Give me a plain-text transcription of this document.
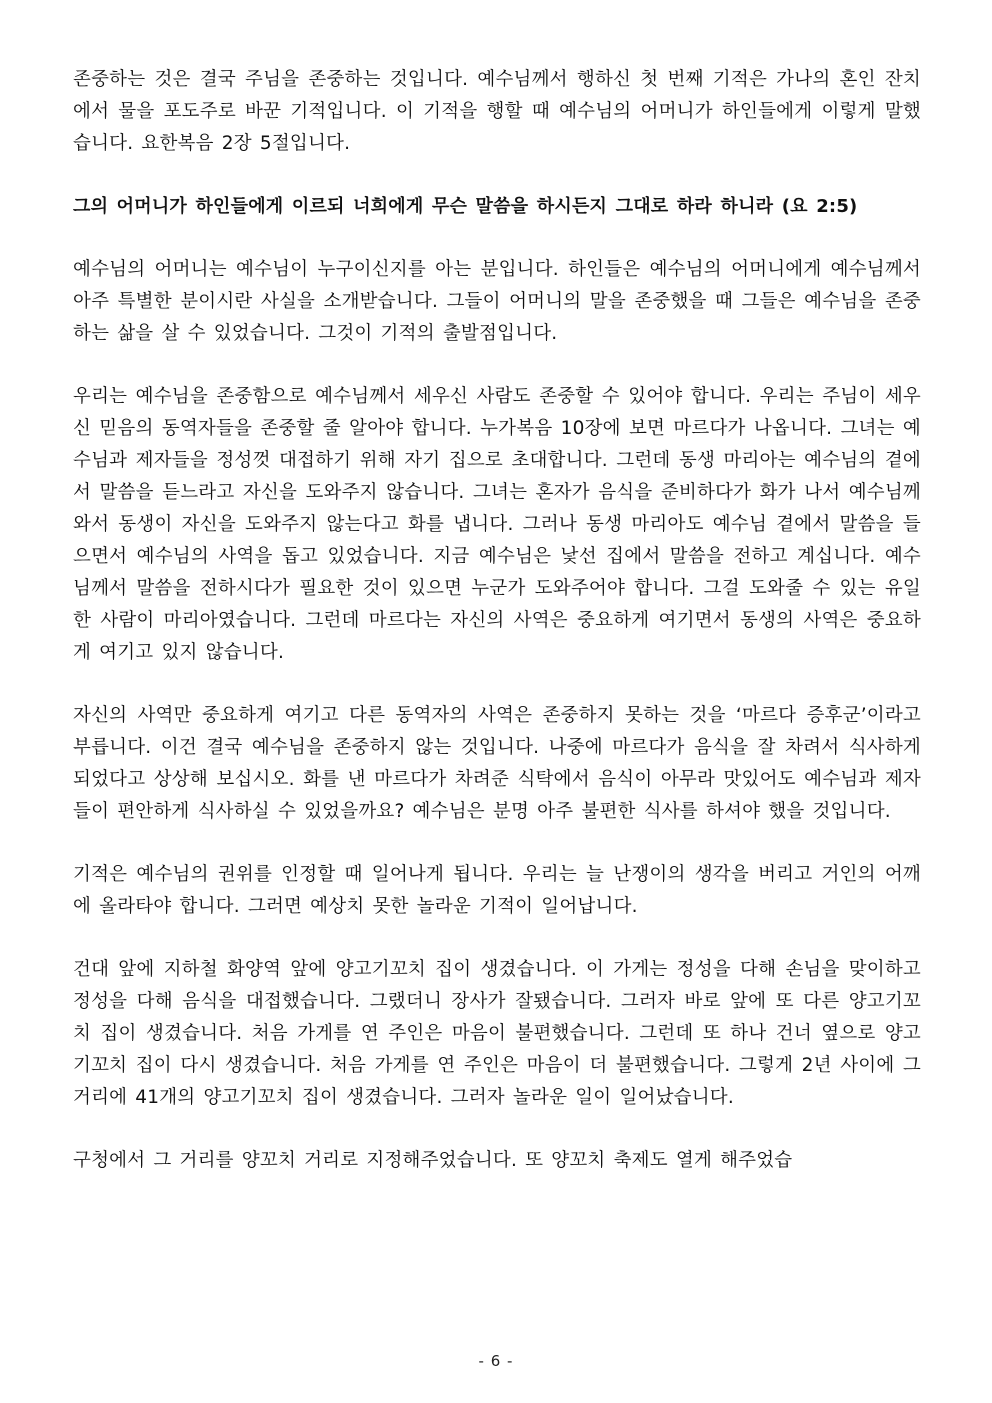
존중하는 것은 결국 주님을 존중하는 것입니다. 예수님께서 행하신 첫 번째 기적은 가나의 혼인 잔치에서 물을 포도주로 바꾼 기적입니다. 이 기적을 행할 때 예수님의 어머니가 하인들에게 이렇게 말했습니다. 요한복음 2장 5절입니다.

그의 어머니가 하인들에게 이르되 너희에게 무슨 말씀을 하시든지 그대로 하라 하니라 (요 2:5)

예수님의 어머니는 예수님이 누구이신지를 아는 분입니다. 하인들은 예수님의 어머니에게 예수님께서 아주 특별한 분이시란 사실을 소개받습니다. 그들이 어머니의 말을 존중했을 때 그들은 예수님을 존중하는 삶을 살 수 있었습니다. 그것이 기적의 출발점입니다.

우리는 예수님을 존중함으로 예수님께서 세우신 사람도 존중할 수 있어야 합니다. 우리는 주님이 세우신 믿음의 동역자들을 존중할 줄 알아야 합니다. 누가복음 10장에 보면 마르다가 나옵니다. 그녀는 예수님과 제자들을 정성껏 대접하기 위해 자기 집으로 초대합니다. 그런데 동생 마리아는 예수님의 곁에서 말씀을 듣느라고 자신을 도와주지 않습니다. 그녀는 혼자가 음식을 준비하다가 화가 나서 예수님께 와서 동생이 자신을 도와주지 않는다고 화를 냅니다. 그러나 동생 마리아도 예수님 곁에서 말씀을 들으면서 예수님의 사역을 돕고 있었습니다. 지금 예수님은 낯선 집에서 말씀을 전하고 계십니다. 예수님께서 말씀을 전하시다가 필요한 것이 있으면 누군가 도와주어야 합니다. 그걸 도와줄 수 있는 유일한 사람이 마리아였습니다. 그런데 마르다는 자신의 사역은 중요하게 여기면서 동생의 사역은 중요하게 여기고 있지 않습니다.

자신의 사역만 중요하게 여기고 다른 동역자의 사역은 존중하지 못하는 것을 ‘마르다 증후군’이라고 부릅니다. 이건 결국 예수님을 존중하지 않는 것입니다. 나중에 마르다가 음식을 잘 차려서 식사하게 되었다고 상상해 보십시오. 화를 낸 마르다가 차려준 식탁에서 음식이 아무라 맛있어도 예수님과 제자들이 편안하게 식사하실 수 있었을까요? 예수님은 분명 아주 불편한 식사를 하셔야 했을 것입니다.

기적은 예수님의 권위를 인정할 때 일어나게 됩니다. 우리는 늘 난쟁이의 생각을 버리고 거인의 어깨에 올라타야 합니다. 그러면 예상치 못한 놀라운 기적이 일어납니다.

건대 앞에 지하철 화양역 앞에 양고기꼬치 집이 생겼습니다. 이 가게는 정성을 다해 손님을 맞이하고 정성을 다해 음식을 대접했습니다. 그랬더니 장사가 잘됐습니다. 그러자 바로 앞에 또 다른 양고기꼬치 집이 생겼습니다. 처음 가게를 연 주인은 마음이 불편했습니다. 그런데 또 하나 건너 옆으로 양고기꼬치 집이 다시 생겼습니다. 처음 가게를 연 주인은 마음이 더 불편했습니다. 그렇게 2년 사이에 그 거리에 41개의 양고기꼬치 집이 생겼습니다. 그러자 놀라운 일이 일어났습니다.

구청에서 그 거리를 양꼬치 거리로 지정해주었습니다. 또 양꼬치 축제도 열게 해주었습

- 6 -
